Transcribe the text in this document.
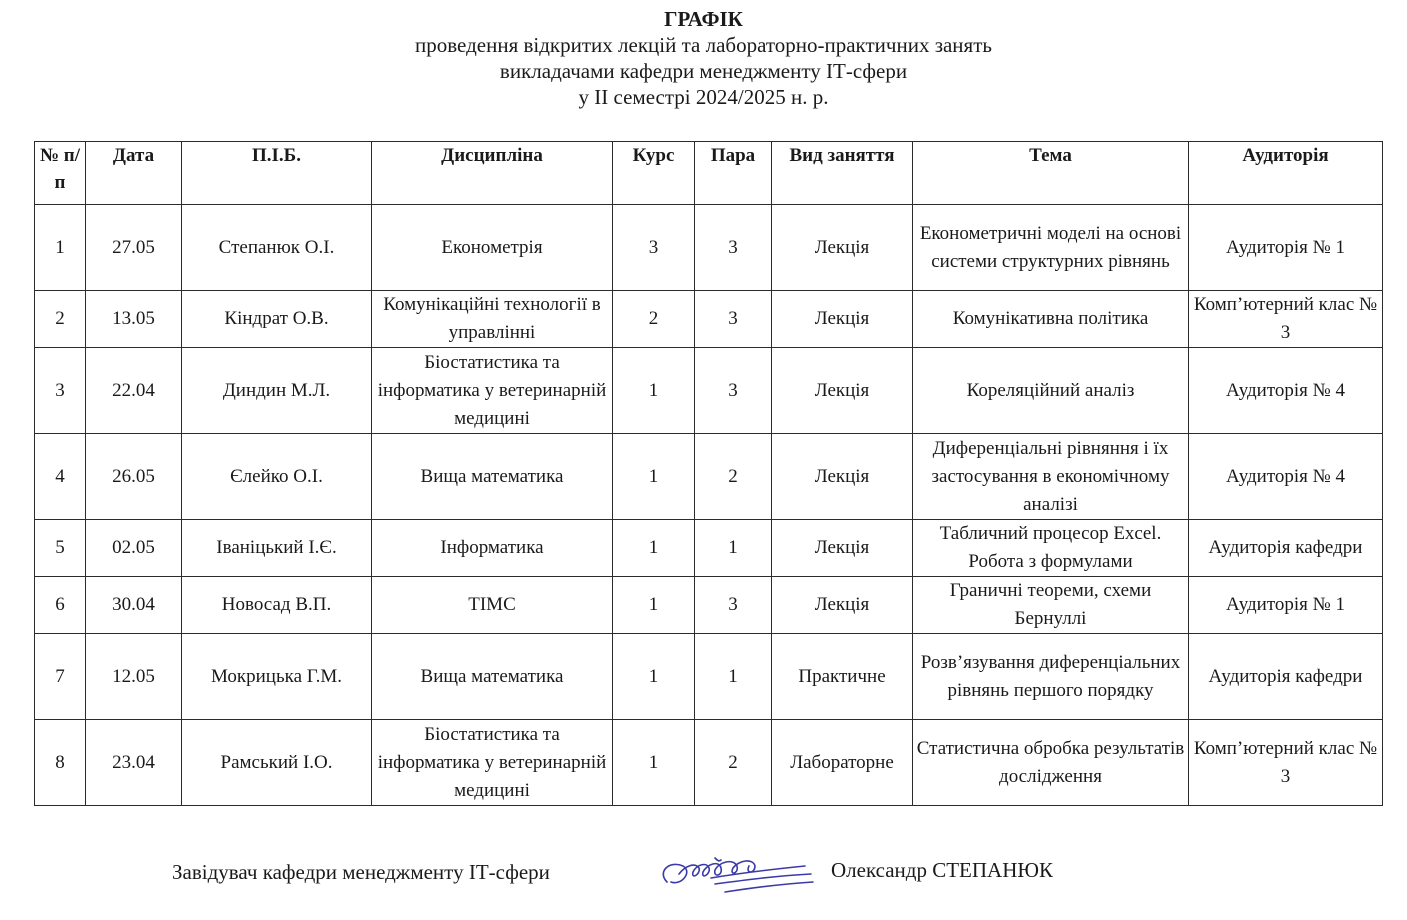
ГРАФІК
проведення відкритих лекцій та лабораторно-практичних занять
викладачами кафедри менеджменту ІТ-сфери
у ІІ семестрі 2024/2025 н. р.
№ п/п	Дата	П.І.Б.	Дисципліна	Курс	Пара	Вид заняття	Тема	Аудиторія
1	27.05	Степанюк О.І.	Економетрія	3	3	Лекція	Економетричні моделі на основі системи структурних рівнянь	Аудиторія № 1
2	13.05	Кіндрат О.В.	Комунікаційні технології в управлінні	2	3	Лекція	Комунікативна політика	Комп’ютерний клас № 3
3	22.04	Диндин М.Л.	Біостатистика та інформатика у ветеринарній медицині	1	3	Лекція	Кореляційний аналіз	Аудиторія № 4
4	26.05	Єлейко О.І.	Вища математика	1	2	Лекція	Диференціальні рівняння і їх застосування в економічному аналізі	Аудиторія № 4
5	02.05	Іваніцький І.Є.	Інформатика	1	1	Лекція	Табличний процесор Excel. Робота з формулами	Аудиторія кафедри
6	30.04	Новосад В.П.	ТІМС	1	3	Лекція	Граничні теореми, схеми Бернуллі	Аудиторія № 1
7	12.05	Мокрицька Г.М.	Вища математика	1	1	Практичне	Розв’язування диференціальних рівнянь першого порядку	Аудиторія кафедри
8	23.04	Рамський І.О.	Біостатистика та інформатика у ветеринарній медицині	1	2	Лабораторне	Статистична обробка результатів дослідження	Комп’ютерний клас № 3
Завідувач кафедри менеджменту ІТ-сфери	Олександр СТЕПАНЮК
